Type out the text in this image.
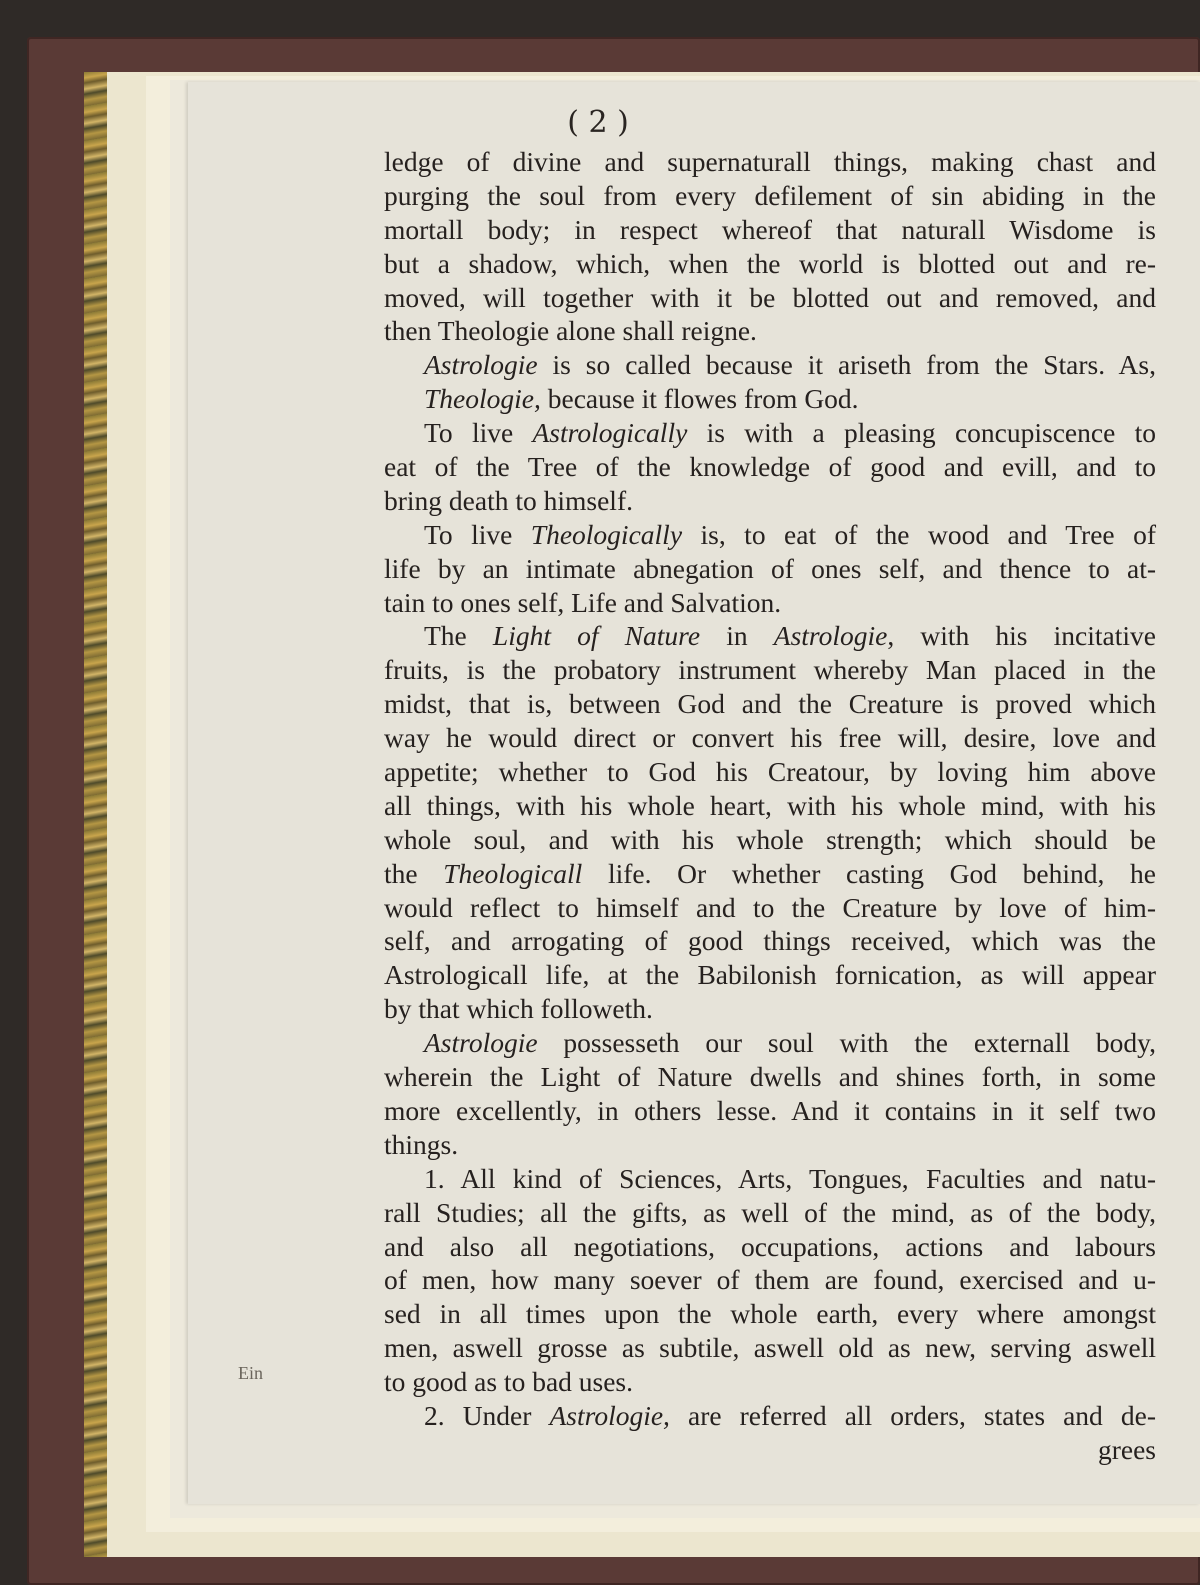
( 2 )
ledge of divine and supernaturall things, making chast and
purging the soul from every defilement of sin abiding in the
mortall body; in respect whereof that naturall Wisdome is
but a shadow, which, when the world is blotted out and re-
moved, will together with it be blotted out and removed, and
then Theologie alone shall reigne.
Astrologie is so called because it ariseth from the Stars. As,
Theologie, because it flowes from God.
To live Astrologically is with a pleasing concupiscence to
eat of the Tree of the knowledge of good and evill, and to
bring death to himself.
To live Theologically is, to eat of the wood and Tree of
life by an intimate abnegation of ones self, and thence to at-
tain to ones self, Life and Salvation.
The Light of Nature in Astrologie, with his incitative
fruits, is the probatory instrument whereby Man placed in the
midst, that is, between God and the Creature is proved which
way he would direct or convert his free will, desire, love and
appetite; whether to God his Creatour, by loving him above
all things, with his whole heart, with his whole mind, with his
whole soul, and with his whole strength; which should be
the Theologicall life. Or whether casting God behind, he
would reflect to himself and to the Creature by love of him-
self, and arrogating of good things received, which was the
Astrologicall life, at the Babilonish fornication, as will appear
by that which followeth.
Astrologie possesseth our soul with the externall body,
wherein the Light of Nature dwells and shines forth, in some
more excellently, in others lesse. And it contains in it self two
things.
1. All kind of Sciences, Arts, Tongues, Faculties and natu-
rall Studies; all the gifts, as well of the mind, as of the body,
and also all negotiations, occupations, actions and labours
of men, how many soever of them are found, exercised and u-
sed in all times upon the whole earth, every where amongst
men, aswell grosse as subtile, aswell old as new, serving aswell
to good as to bad uses.
2. Under Astrologie, are referred all orders, states and de-
grees
Ein
